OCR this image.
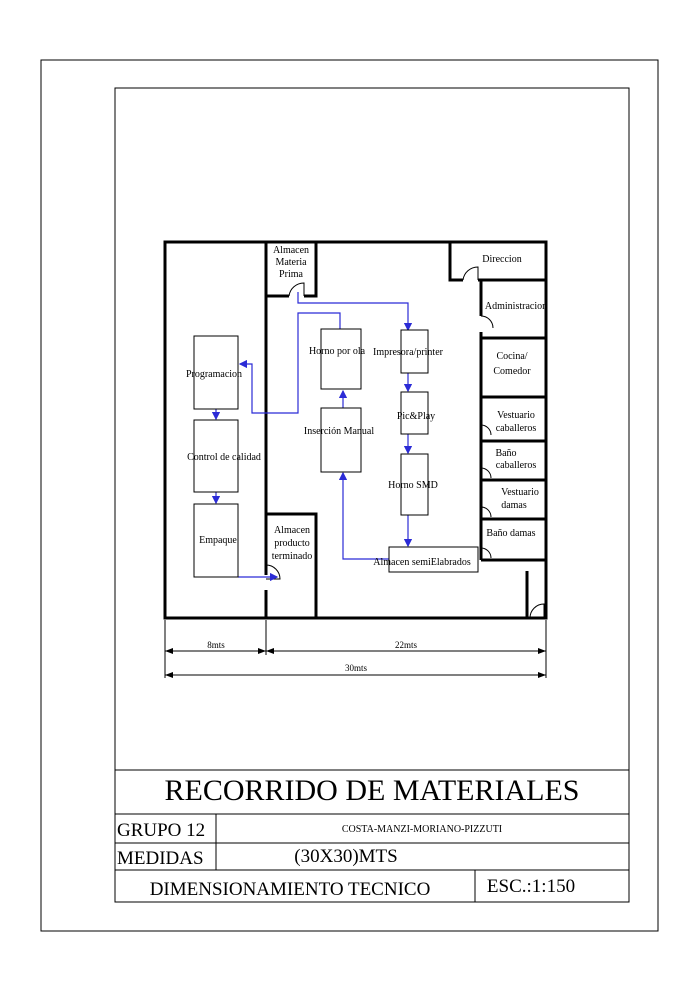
Almacen
Materia
Prima
Direccion
Administracion
Cocina/
Comedor
Vestuario
caballeros
Baño
caballeros
Vestuario
damas
Baño damas
Almacen
producto
terminado
Programacion
Control de calidad
Empaque
Horno por ola
Inserción Manual
Impresora/printer
Pic&Play
Horno SMD
Almacen semiElabrados
8mts	22mts
30mts
RECORRIDO DE MATERIALES
GRUPO 12	COSTA-MANZI-MORIANO-PIZZUTI
MEDIDAS	(30X30)MTS
DIMENSIONAMIENTO TECNICO	ESC.:1:150
